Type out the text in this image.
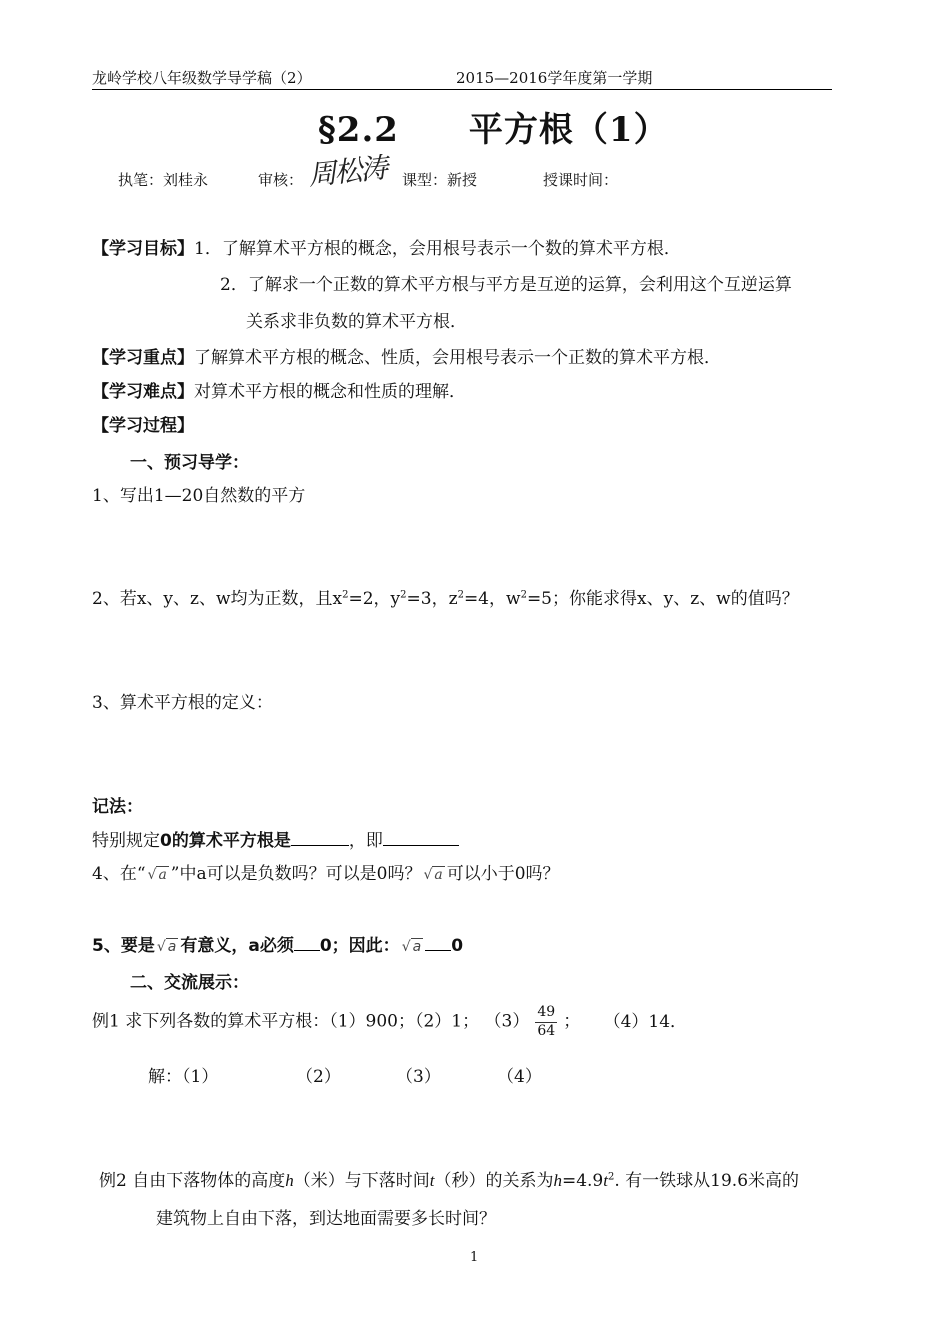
龙岭学校八年级数学导学稿（2）	2015—2016学年度第一学期
§2.2　　平方根（1）
执笔：刘桂永	审核： 周松涛 课型：新授	授课时间：
【学习目标】1．了解算术平方根的概念，会用根号表示一个数的算术平方根．
2．了解求一个正数的算术平方根与平方是互逆的运算，会利用这个互逆运算
关系求非负数的算术平方根．
【学习重点】了解算术平方根的概念、性质，会用根号表示一个正数的算术平方根．
【学习难点】对算术平方根的概念和性质的理解．
【学习过程】
一、预习导学：
1、写出1—20自然数的平方
2、若x、y、z、w均为正数，且$x^2=2$，$y^2=3$，$z^2=4$，$w^2=5$；你能求得x、y、z、w的值吗？
3、算术平方根的定义：
记法：
特别规定0的算术平方根是	，即
4、在“ √ a ”中a可以是负数吗？可以是0吗？ √ a 可以小于0吗？
5、要是 √ a 有意义，a必须 0；因此： √ a 0
二、交流展示：
例1 求下列各数的算术平方根：（1）900；（2）1； $(3) \frac{49}{64}$ ； （4）14．
解：（1）	（2）	（3）	（4）
例2 自由下落物体的高度h（米）与下落时间t（秒）的关系为$h=4.9t^2$. 有一铁球从19.6米高的
建筑物上自由下落，到达地面需要多长时间？
1
